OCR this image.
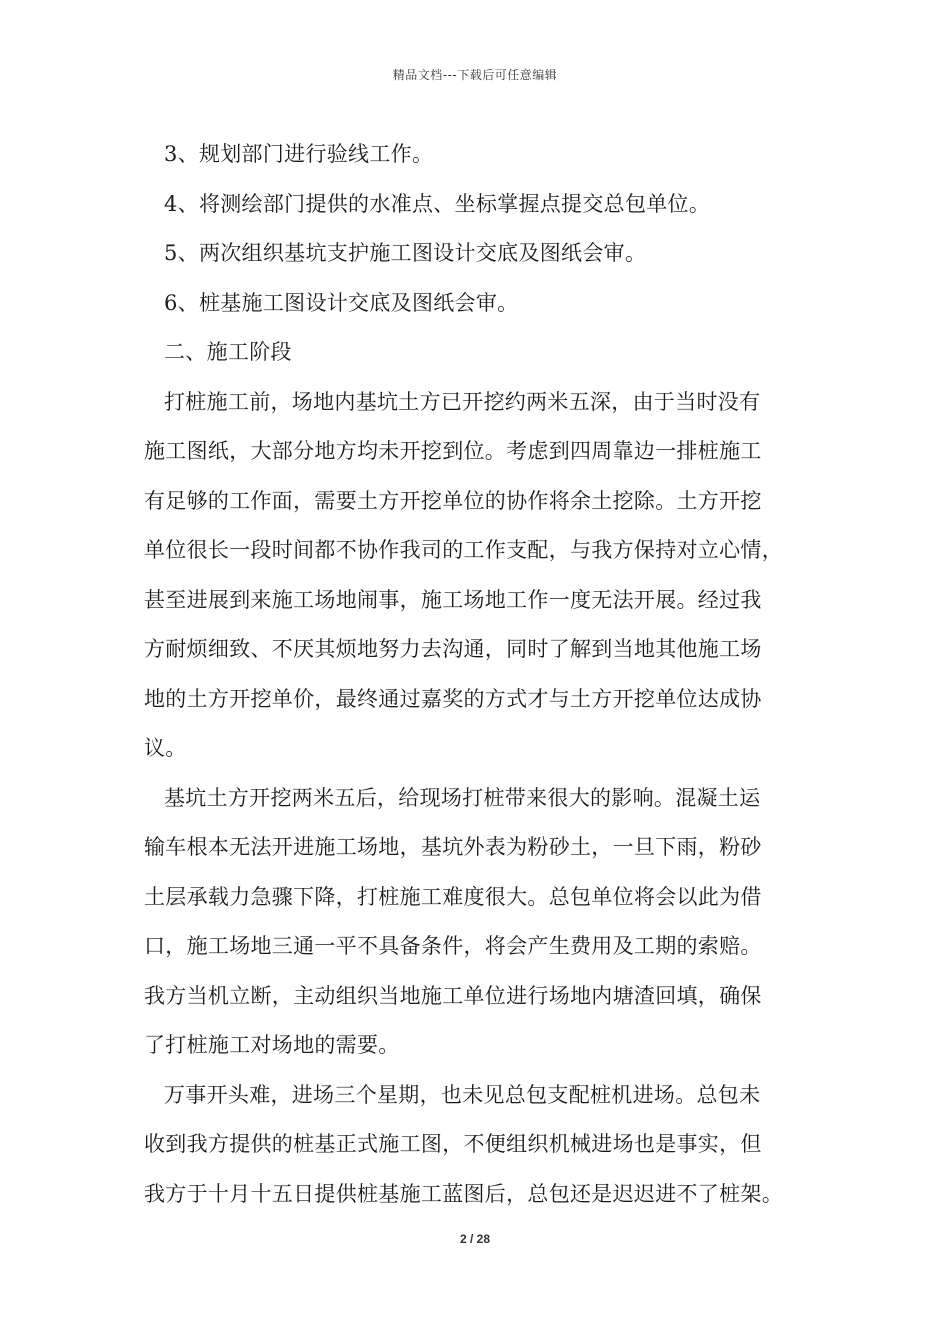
精品文档---下载后可任意编辑
3、规划部门进行验线工作。
4、将测绘部门提供的水准点、坐标掌握点提交总包单位。
5、两次组织基坑支护施工图设计交底及图纸会审。
6、桩基施工图设计交底及图纸会审。
二、施工阶段
打桩施工前，场地内基坑土方已开挖约两米五深，由于当时没有
施工图纸，大部分地方均未开挖到位。考虑到四周靠边一排桩施工
有足够的工作面，需要土方开挖单位的协作将余土挖除。土方开挖
单位很长一段时间都不协作我司的工作支配，与我方保持对立心情，
甚至进展到来施工场地闹事，施工场地工作一度无法开展。经过我
方耐烦细致、不厌其烦地努力去沟通，同时了解到当地其他施工场
地的土方开挖单价，最终通过嘉奖的方式才与土方开挖单位达成协
议。
基坑土方开挖两米五后，给现场打桩带来很大的影响。混凝土运
输车根本无法开进施工场地，基坑外表为粉砂土，一旦下雨，粉砂
土层承载力急骤下降，打桩施工难度很大。总包单位将会以此为借
口，施工场地三通一平不具备条件，将会产生费用及工期的索赔。
我方当机立断，主动组织当地施工单位进行场地内塘渣回填，确保
了打桩施工对场地的需要。
万事开头难，进场三个星期，也未见总包支配桩机进场。总包未
收到我方提供的桩基正式施工图，不便组织机械进场也是事实，但
我方于十月十五日提供桩基施工蓝图后，总包还是迟迟进不了桩架。
2 / 28
